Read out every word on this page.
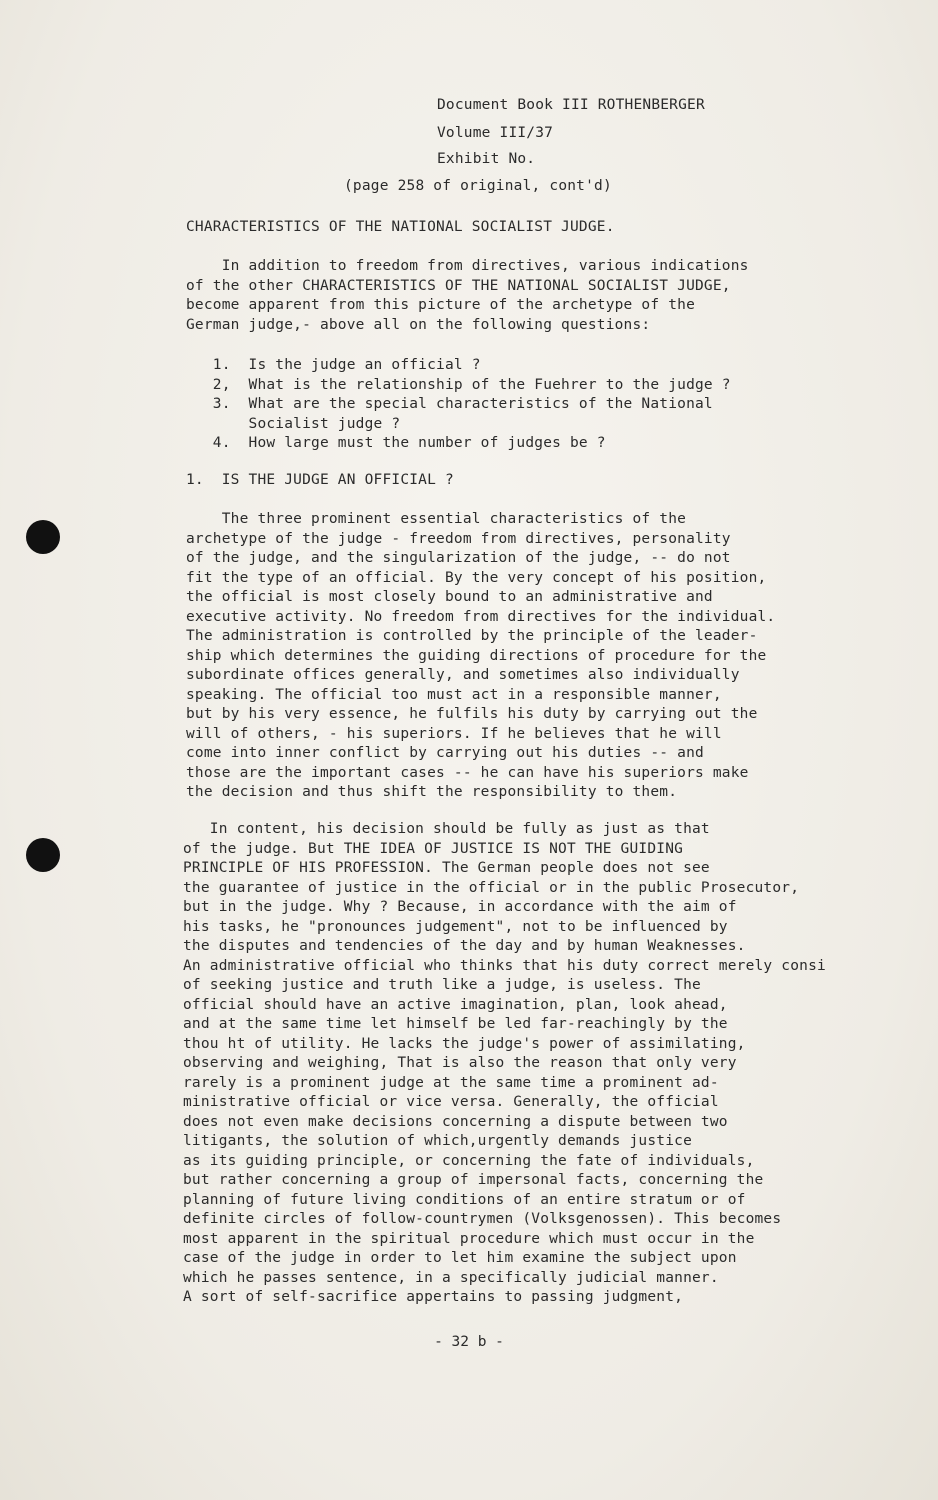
Document Book III ROTHENBERGER
Volume III/37
Exhibit No.
(page 258 of original, cont'd)
CHARACTERISTICS OF THE NATIONAL SOCIALIST JUDGE.
In addition to freedom from directives, various indications
of the other CHARACTERISTICS OF THE NATIONAL SOCIALIST JUDGE,
become apparent from this picture of the archetype of the
German judge,- above all on the following questions:
1.  Is the judge an official ?
2,  What is the relationship of the Fuehrer to the judge ?
3.  What are the special characteristics of the National
Socialist judge ?
4.  How large must the number of judges be ?
1.  IS THE JUDGE AN OFFICIAL ?
The three prominent essential characteristics of the
archetype of the judge - freedom from directives, personality
of the judge, and the singularization of the judge, -- do not
fit the type of an official. By the very concept of his position,
the official is most closely bound to an administrative and
executive activity. No freedom from directives for the individual.
The administration is controlled by the principle of the leader-
ship which determines the guiding directions of procedure for the
subordinate offices generally, and sometimes also individually
speaking. The official too must act in a responsible manner,
but by his very essence, he fulfils his duty by carrying out the
will of others, - his superiors. If he believes that he will
come into inner conflict by carrying out his duties -- and
those are the important cases -- he can have his superiors make
the decision and thus shift the responsibility to them.
In content, his decision should be fully as just as that
of the judge. But THE IDEA OF JUSTICE IS NOT THE GUIDING
PRINCIPLE OF HIS PROFESSION. The German people does not see
the guarantee of justice in the official or in the public Prosecutor,
but in the judge. Why ? Because, in accordance with the aim of
his tasks, he "pronounces judgement", not to be influenced by
the disputes and tendencies of the day and by human Weaknesses.
An administrative official who thinks that his duty correct merely consi
of seeking justice and truth like a judge, is useless. The
official should have an active imagination, plan, look ahead,
and at the same time let himself be led far-reachingly by the
thou ht of utility. He lacks the judge's power of assimilating,
observing and weighing, That is also the reason that only very
rarely is a prominent judge at the same time a prominent ad-
ministrative official or vice versa. Generally, the official
does not even make decisions concerning a dispute between two
litigants, the solution of which,urgently demands justice
as its guiding principle, or concerning the fate of individuals,
but rather concerning a group of impersonal facts, concerning the
planning of future living conditions of an entire stratum or of
definite circles of follow-countrymen (Volksgenossen). This becomes
most apparent in the spiritual procedure which must occur in the
case of the judge in order to let him examine the subject upon
which he passes sentence, in a specifically judicial manner.
A sort of self-sacrifice appertains to passing judgment,
- 32 b -
